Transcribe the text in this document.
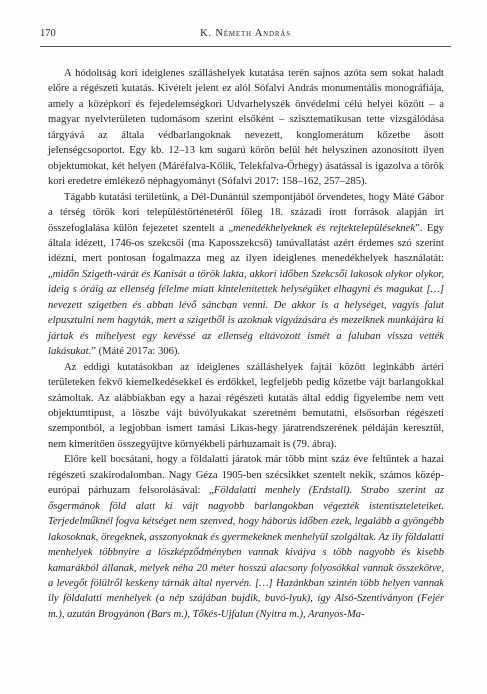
170	K. Németh András

A hódoltság kori ideiglenes szálláshelyek kutatása terén sajnos azóta sem sokat haladt előre a régészeti kutatás. Kivételt jelent ez alól Sófalvi András monumentális monográfiája, amely a középkori és fejedelemségkori Udvarhelyszék önvédelmi célú helyei között – a magyar nyelvterületen tudomásom szerint elsőként – szisztematikusan tette vizsgálódása tárgyává az általa védbarlangoknak nevezett, konglomerátum kőzetbe ásott jelenségcsoportot. Egy kb. 12–13 km sugarú körön belül hét helyszínen azonosított ilyen objektumokat, két helyen (Máréfalva-Kőlik, Telekfalva-Őrhegy) ásatással is igazolva a török kori eredetre emlékező néphagyományt (Sófalvi 2017: 158–162, 257–285).

Tágabb kutatási területünk, a Dél-Dunántúl szempontjából örvendetes, hogy Máté Gábor a térség török kori településtörténetéről főleg 18. századi írott források alapján írt összefoglalása külön fejezetet szentelt a „menedékhelyeknek és rejtektelepüléseknek”. Egy általa idézett, 1746-os szekcsői (ma Kaposszekcső) tanúvallatást azért érdemes szó szerint idézni, mert pontosan fogalmazza meg az ilyen ideiglenes menedékhelyek használatát: „midőn Szigeth-várát és Kanisát a török lakta, akkori időben Szekcsői lakosok olykor olykor, ideig s óráig az ellenség félelme miatt kintelenítettek helységüket elhagyni és magukat […] nevezett szigetben és abban lévő sáncban venni. De akkor is a helységet, vagyis falut elpusztulni nem hagyták, mert a szigetből is azoknak vigyázására és mezeiknek munkájára ki jártak és mihelyest egy kevéssé az ellenség eltávozott ismét a faluban vissza vették lakásukat.” (Máté 2017a: 306).

Az eddigi kutatásokban az ideiglenes szálláshelyek fajtái között leginkább ártéri területeken fekvő kiemelkedésekkel és erdőkkel, legfeljebb pedig kőzetbe vájt barlangokkal számoltak. Az alábbiakban egy a hazai régészeti kutatás által eddig figyelembe nem vett objektumtípust, a löszbe vájt búvólyukakat szeretném bemutatni, elsősorban régészeti szempontból, a legjobban ismert tamási Likas-hegy járatrendszerének példáján keresztül, nem kimerítően összegyűjtve környékbeli párhuzamait is (79. ábra).

Előre kell bocsátani, hogy a földalatti járatok már több mint száz éve feltűntek a hazai régészeti szakirodalomban. Nagy Géza 1905-ben szécsikket szentelt nekik, számos közép-európai párhuzam felsorolásával: „Földalatti menhely (Erdstall). Strabo szerint az ősgermánok föld alatt ki vájt nagyobb barlangokban végezték istentiszteleteiket. Terjedelműknél fogva kétséget nem szenved, hogy háborús időben ezek, legalább a gyöngébb lakosoknak, öregeknek, asszonyoknak és gyermekeknek menhelyül szolgáltak. Az ily földalatti menhelyek többnyire a löszképződményben vannak kivájva s több nagyobb és kisebb kamarákból állanak, melyek néha 20 méter hosszú alacsony folyosókkal vannak összekötve, a levegőt fölülről keskeny tárnák által nyervén. […] Hazánkban szintén több helyen vannak ily földalatti menhelyek (a nép szájában bujdik, buvó-lyuk), így Alsó-Szentiványon (Fejér m.), azután Brogyánon (Bars m.), Tőkés-Ujfalun (Nyitra m.), Aranyos-Ma-
